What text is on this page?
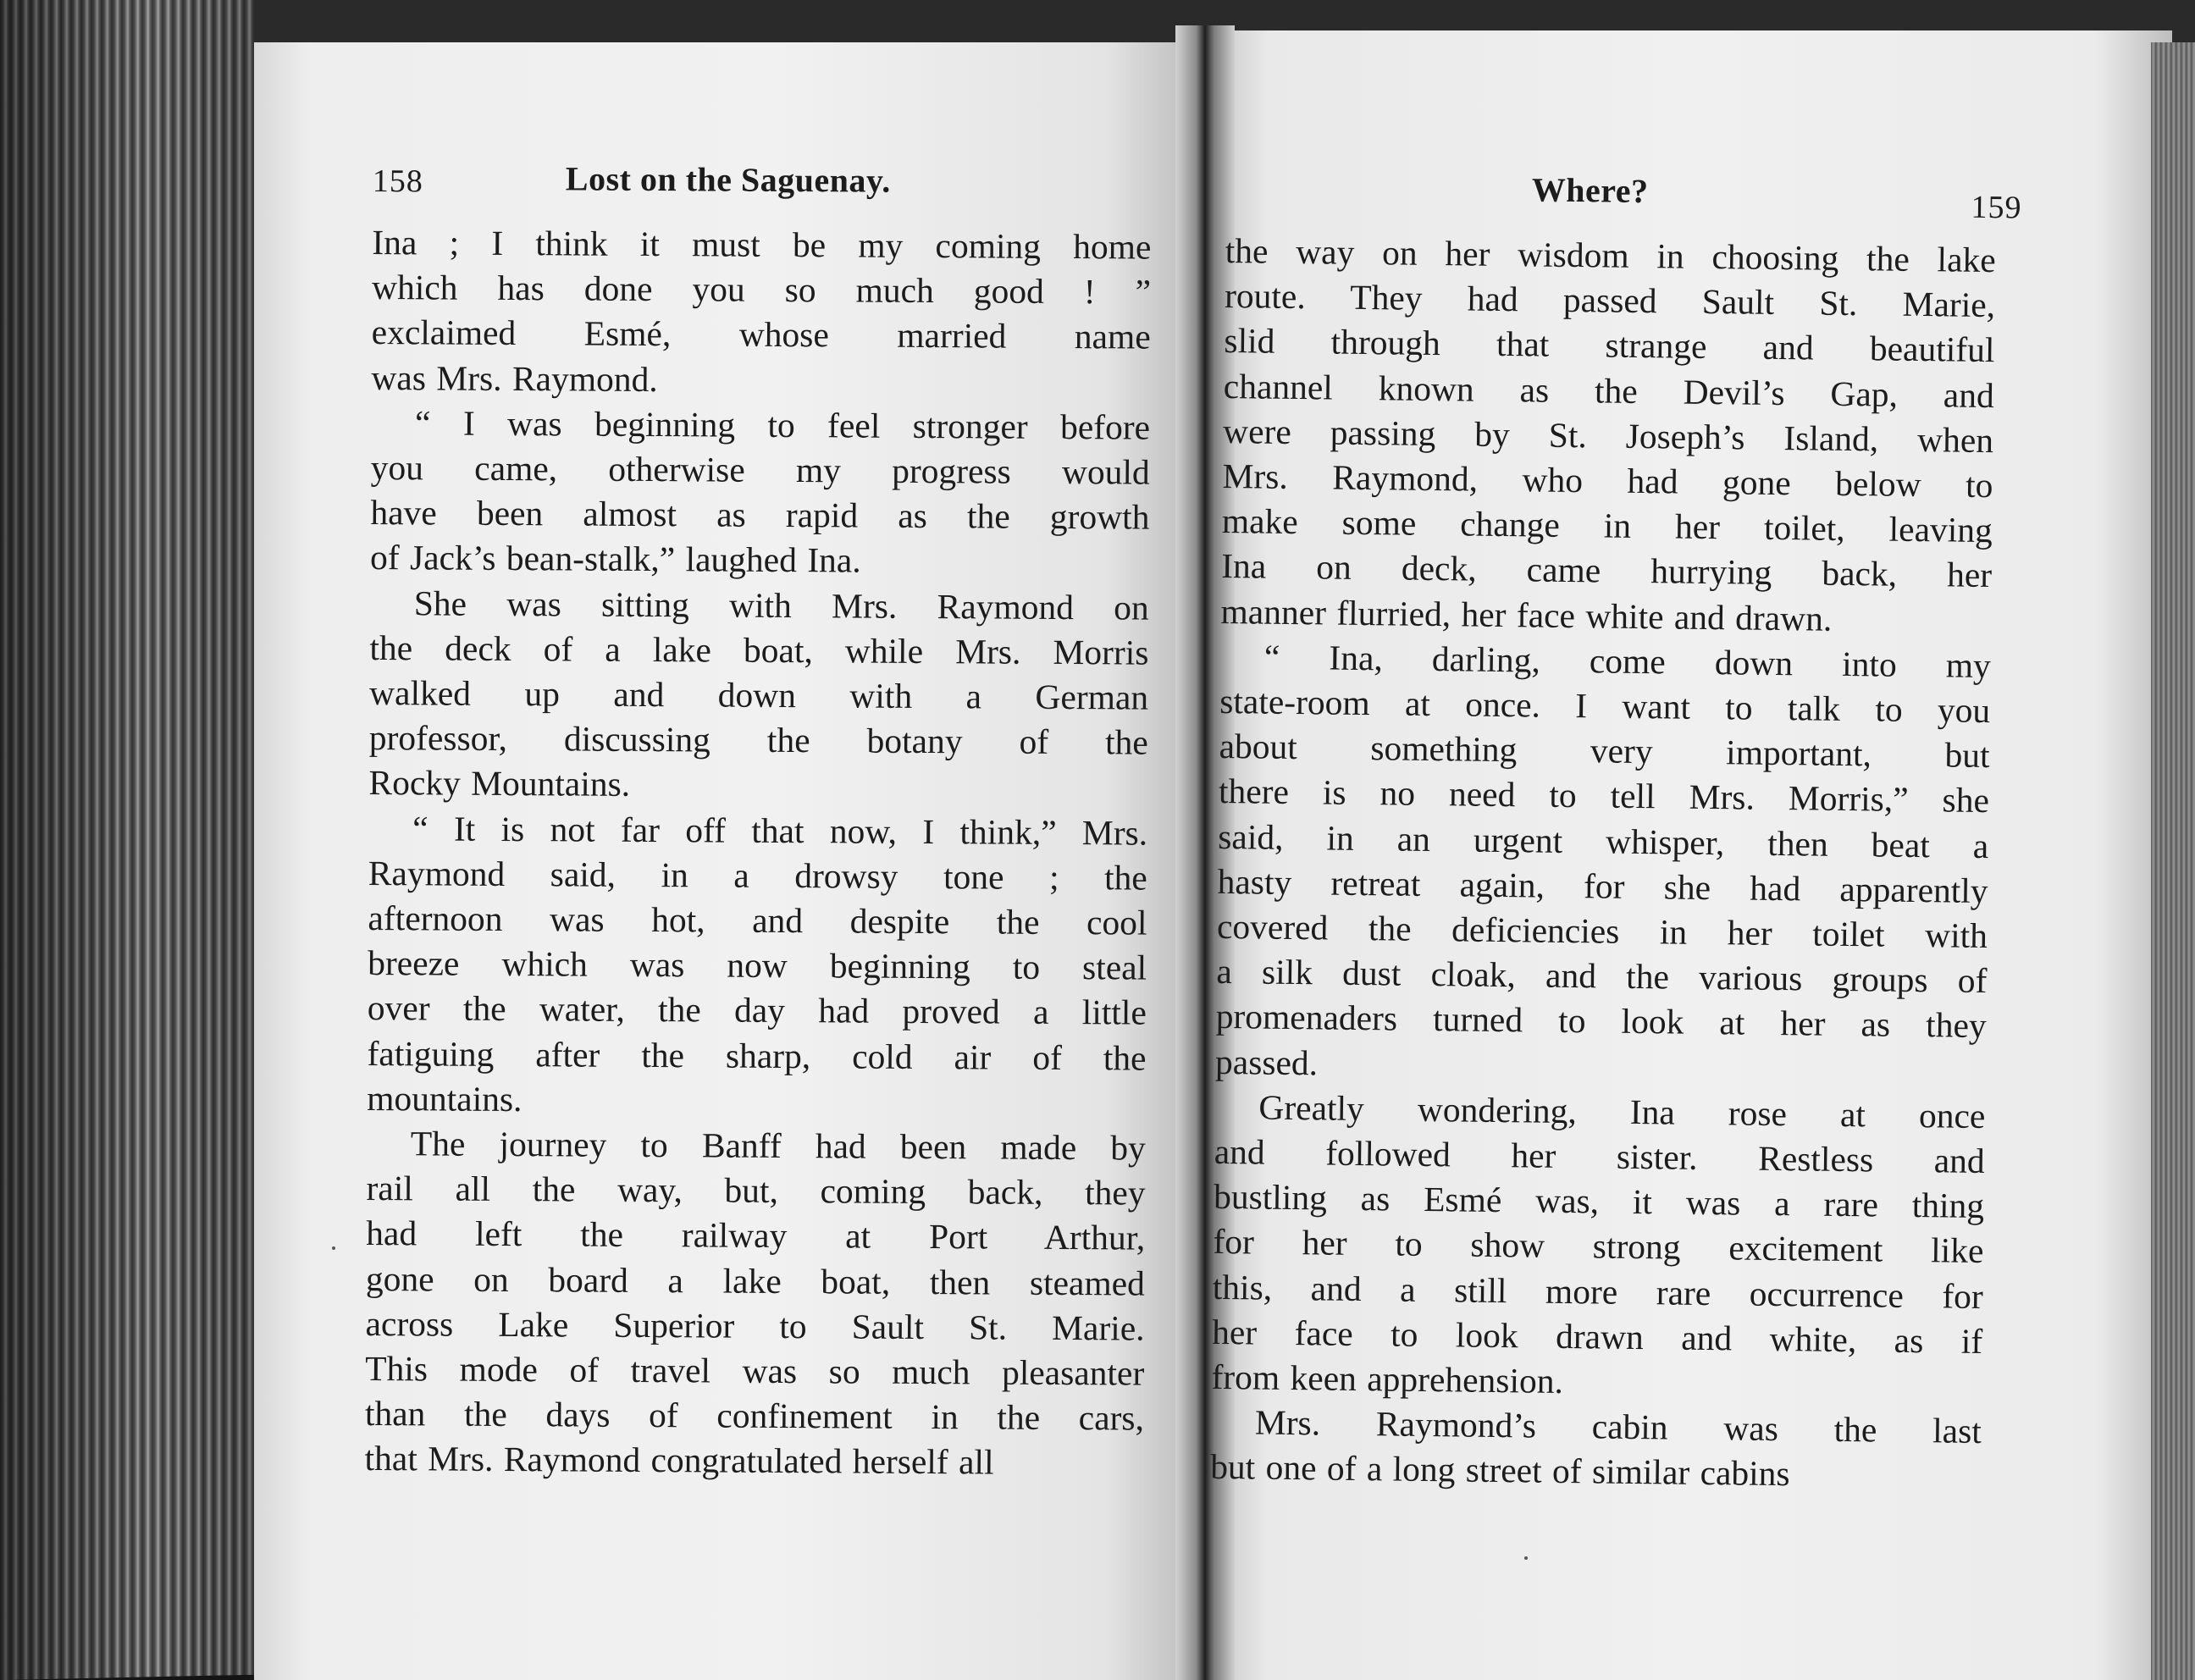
158	Lost on the Saguenay.

Ina ; I think it must be my coming home
which has done you so much good ! ”
exclaimed Esmé, whose married name
was Mrs. Raymond.

“ I was beginning to feel stronger before
you came, otherwise my progress would
have been almost as rapid as the growth
of Jack’s bean-stalk,” laughed Ina.

She was sitting with Mrs. Raymond on
the deck of a lake boat, while Mrs. Morris
walked up and down with a German
professor, discussing the botany of the
Rocky Mountains.

“ It is not far off that now, I think,” Mrs.
Raymond said, in a drowsy tone ; the
afternoon was hot, and despite the cool
breeze which was now beginning to steal
over the water, the day had proved a little
fatiguing after the sharp, cold air of the
mountains.

The journey to Banff had been made by
rail all the way, but, coming back, they
had left the railway at Port Arthur,
gone on board a lake boat, then steamed
across Lake Superior to Sault St. Marie.
This mode of travel was so much pleasanter
than the days of confinement in the cars,
that Mrs. Raymond congratulated herself all

Where?	159

the way on her wisdom in choosing the lake
route. They had passed Sault St. Marie,
slid through that strange and beautiful
channel known as the Devil’s Gap, and
were passing by St. Joseph’s Island, when
Mrs. Raymond, who had gone below to
make some change in her toilet, leaving
Ina on deck, came hurrying back, her
manner flurried, her face white and drawn.

“ Ina, darling, come down into my
state-room at once. I want to talk to you
about something very important, but
there is no need to tell Mrs. Morris,” she
said, in an urgent whisper, then beat a
hasty retreat again, for she had apparently
covered the deficiencies in her toilet with
a silk dust cloak, and the various groups of
promenaders turned to look at her as they
passed.

Greatly wondering, Ina rose at once
and followed her sister. Restless and
bustling as Esmé was, it was a rare thing
for her to show strong excitement like
this, and a still more rare occurrence for
her face to look drawn and white, as if
from keen apprehension.

Mrs. Raymond’s cabin was the last
but one of a long street of similar cabins
